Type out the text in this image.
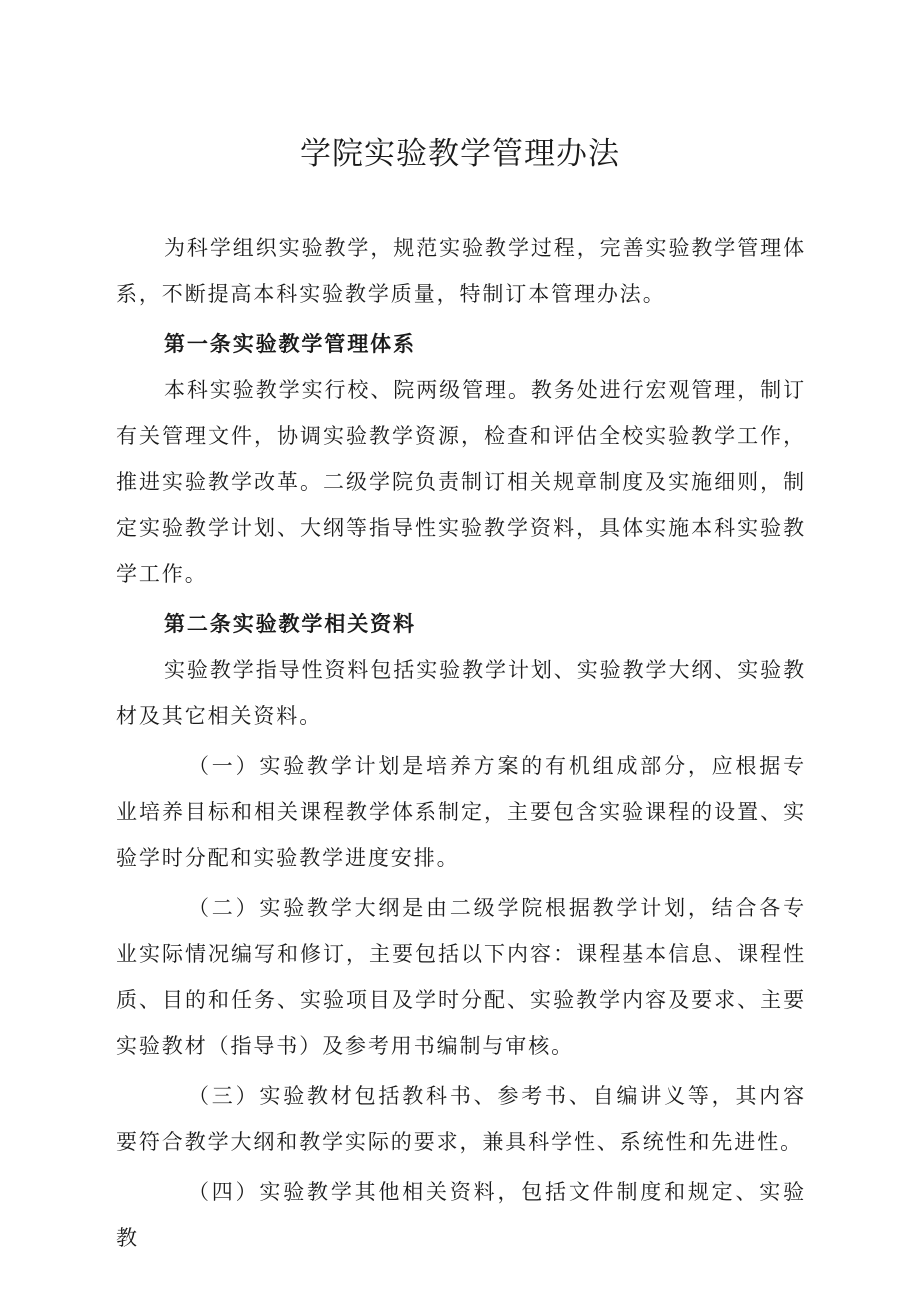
学院实验教学管理办法

为科学组织实验教学，规范实验教学过程，完善实验教学管理体系，不断提高本科实验教学质量，特制订本管理办法。

第一条实验教学管理体系

本科实验教学实行校、院两级管理。教务处进行宏观管理，制订有关管理文件，协调实验教学资源，检查和评估全校实验教学工作，推进实验教学改革。二级学院负责制订相关规章制度及实施细则，制定实验教学计划、大纲等指导性实验教学资料，具体实施本科实验教学工作。

第二条实验教学相关资料

实验教学指导性资料包括实验教学计划、实验教学大纲、实验教材及其它相关资料。

（一）实验教学计划是培养方案的有机组成部分，应根据专业培养目标和相关课程教学体系制定，主要包含实验课程的设置、实验学时分配和实验教学进度安排。

（二）实验教学大纲是由二级学院根据教学计划，结合各专业实际情况编写和修订，主要包括以下内容：课程基本信息、课程性质、目的和任务、实验项目及学时分配、实验教学内容及要求、主要实验教材（指导书）及参考用书编制与审核。

（三）实验教材包括教科书、参考书、自编讲义等，其内容要符合教学大纲和教学实际的要求，兼具科学性、系统性和先进性。

（四）实验教学其他相关资料，包括文件制度和规定、实验教
